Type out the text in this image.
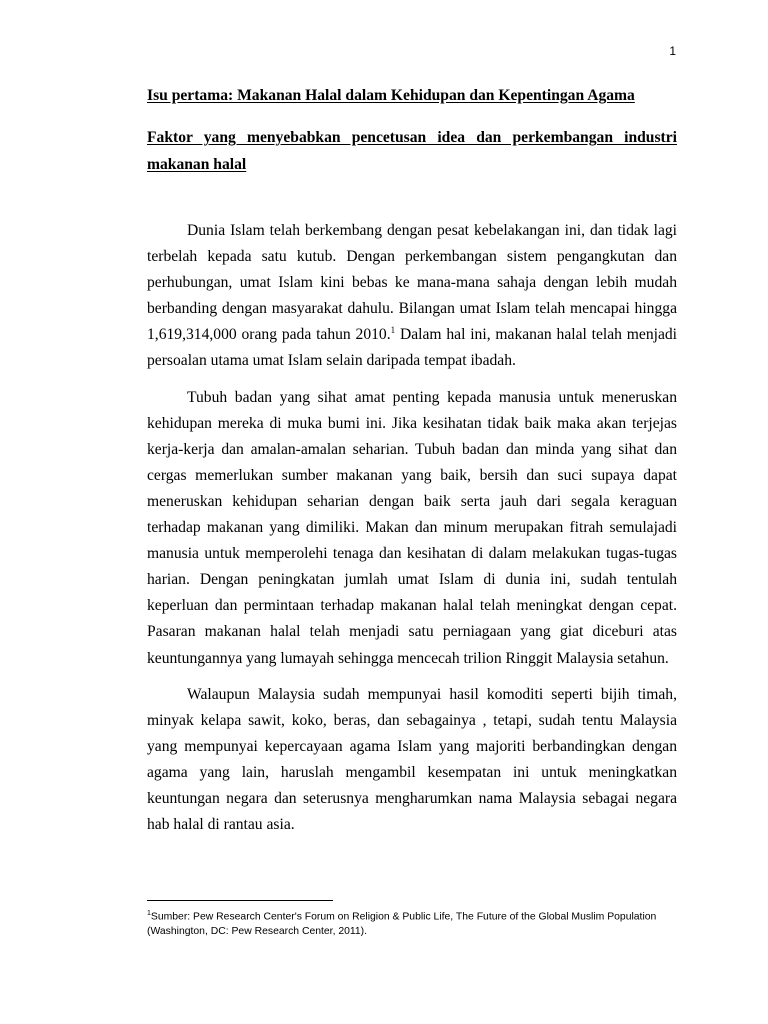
1
Isu pertama: Makanan Halal dalam Kehidupan dan Kepentingan Agama
Faktor yang menyebabkan pencetusan idea dan perkembangan industri makanan halal

Dunia Islam telah berkembang dengan pesat kebelakangan ini, dan tidak lagi terbelah kepada satu kutub. Dengan perkembangan sistem pengangkutan dan perhubungan, umat Islam kini bebas ke mana-mana sahaja dengan lebih mudah berbanding dengan masyarakat dahulu. Bilangan umat Islam telah mencapai hingga 1,619,314,000 orang pada tahun 2010.$^1$ Dalam hal ini, makanan halal telah menjadi persoalan utama umat Islam selain daripada tempat ibadah.

Tubuh badan yang sihat amat penting kepada manusia untuk meneruskan kehidupan mereka di muka bumi ini. Jika kesihatan tidak baik maka akan terjejas kerja-kerja dan amalan-amalan seharian. Tubuh badan dan minda yang sihat dan cergas memerlukan sumber makanan yang baik, bersih dan suci supaya dapat meneruskan kehidupan seharian dengan baik serta jauh dari segala keraguan terhadap makanan yang dimiliki. Makan dan minum merupakan fitrah semulajadi manusia untuk memperolehi tenaga dan kesihatan di dalam melakukan tugas-tugas harian. Dengan peningkatan jumlah umat Islam di dunia ini, sudah tentulah keperluan dan permintaan terhadap makanan halal telah meningkat dengan cepat. Pasaran makanan halal telah menjadi satu perniagaan yang giat diceburi atas keuntungannya yang lumayah sehingga mencecah trilion Ringgit Malaysia setahun.

Walaupun Malaysia sudah mempunyai hasil komoditi seperti bijih timah, minyak kelapa sawit, koko, beras, dan sebagainya , tetapi, sudah tentu Malaysia yang mempunyai kepercayaan agama Islam yang majoriti berbandingkan dengan agama yang lain, haruslah mengambil kesempatan ini untuk meningkatkan keuntungan negara dan seterusnya mengharumkan nama Malaysia sebagai negara hab halal di rantau asia.

$^1$Sumber: Pew Research Center's Forum on Religion & Public Life, The Future of the Global Muslim Population (Washington, DC: Pew Research Center, 2011).
